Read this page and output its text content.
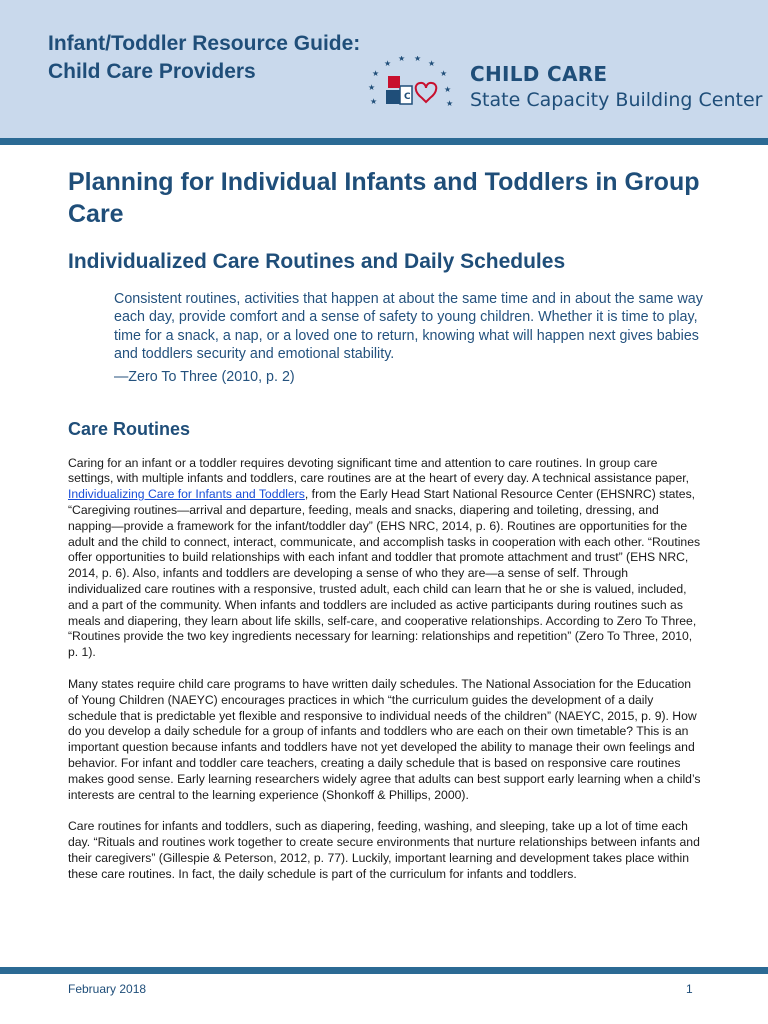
Infant/Toddler Resource Guide:
Child Care Providers	★
★
★ ★
★
★
★	★
★	★
C
CHILD CARE
State Capacity Building Center
Planning for Individual Infants and Toddlers in Group Care
Individualized Care Routines and Daily Schedules

Consistent routines, activities that happen at about the same time and in about the same way each day, provide comfort and a sense of safety to young children. Whether it is time to play, time for a snack, a nap, or a loved one to return, knowing what will happen next gives babies and toddlers security and emotional stability.

—Zero To Three (2010, p. 2)

Care Routines

Caring for an infant or a toddler requires devoting significant time and attention to care routines. In group care settings, with multiple infants and toddlers, care routines are at the heart of every day. A technical assistance paper, Individualizing Care for Infants and Toddlers, from the Early Head Start National Resource Center (EHSNRC) states, “Caregiving routines—arrival and departure, feeding, meals and snacks, diapering and toileting, dressing, and napping—provide a framework for the infant/toddler day” (EHS NRC, 2014, p. 6). Routines are opportunities for the adult and the child to connect, interact, communicate, and accomplish tasks in cooperation with each other. “Routines offer opportunities to build relationships with each infant and toddler that promote attachment and trust” (EHS NRC, 2014, p. 6). Also, infants and toddlers are developing a sense of who they are—a sense of self. Through individualized care routines with a responsive, trusted adult, each child can learn that he or she is valued, included, and a part of the community. When infants and toddlers are included as active participants during routines such as meals and diapering, they learn about life skills, self-care, and cooperative relationships. According to Zero To Three, “Routines provide the two key ingredients necessary for learning: relationships and repetition” (Zero To Three, 2010, p. 1).

Many states require child care programs to have written daily schedules. The National Association for the Education of Young Children (NAEYC) encourages practices in which “the curriculum guides the development of a daily schedule that is predictable yet flexible and responsive to individual needs of the children” (NAEYC, 2015, p. 9). How do you develop a daily schedule for a group of infants and toddlers who are each on their own timetable? This is an important question because infants and toddlers have not yet developed the ability to manage their own feelings and behavior. For infant and toddler care teachers, creating a daily schedule that is based on responsive care routines makes good sense. Early learning researchers widely agree that adults can best support early learning when a child’s interests are central to the learning experience (Shonkoff & Phillips, 2000).

Care routines for infants and toddlers, such as diapering, feeding, washing, and sleeping, take up a lot of time each day. “Rituals and routines work together to create secure environments that nurture relationships between infants and their caregivers” (Gillespie & Peterson, 2012, p. 77). Luckily, important learning and development takes place within these care routines. In fact, the daily schedule is part of the curriculum for infants and toddlers.

February 2018	1
